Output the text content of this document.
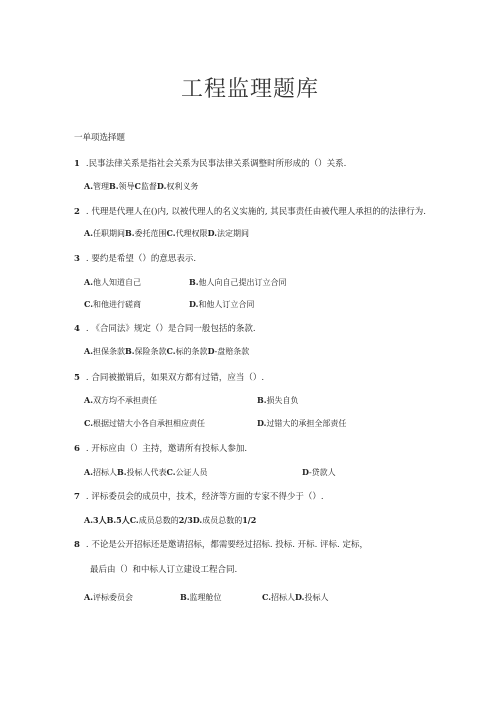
工程监理题库
一单项选择题
1 .民事法律关系是指社会关系为民事法律关系调整时所形成的（）关系.
A.管理B.领导C监督D.权利义务
2 . 代理是代理人在()内, 以被代理人的名义实施的, 其民事责任由被代理人承担的的法律行为.
A.任职期间B.委托范围C.代理权限D.法定期间
3 . 要约是希望（）的意思表示.
A.他人知道自己	B.他人向自己提出订立合同
C.和他进行磋商	D.和他人订立合同
4 . 《合同法》规定（）是合同一般包括的条款.
A.担保条款B.保险条款C.标的条款D-盘赔条款
5 . 合同被撤销后，如果双方都有过错，应当（）.
A.双方均不承担责任	B.损失自负
C.根据过错大小各自承担相应责任	D.过错大的承担全部责任
6 . 开标应由（）主持，邀请所有投标人参加.
A.招标人B.投标人代表C.公证人员	D-贷款人
7 . 评标委员会的成员中，技术，经济等方面的专家不得少于（）.
A.3人B.5人C.成员总数的2/3D.成员总数的1/2
8 . 不论是公开招标还是邀请招标，都需要经过招标. 投标. 开标. 评标. 定标，
最后由（）和中标人订立建设工程合同.
A.评标委员会	B.监理舱位	C.招标人D.投标人
